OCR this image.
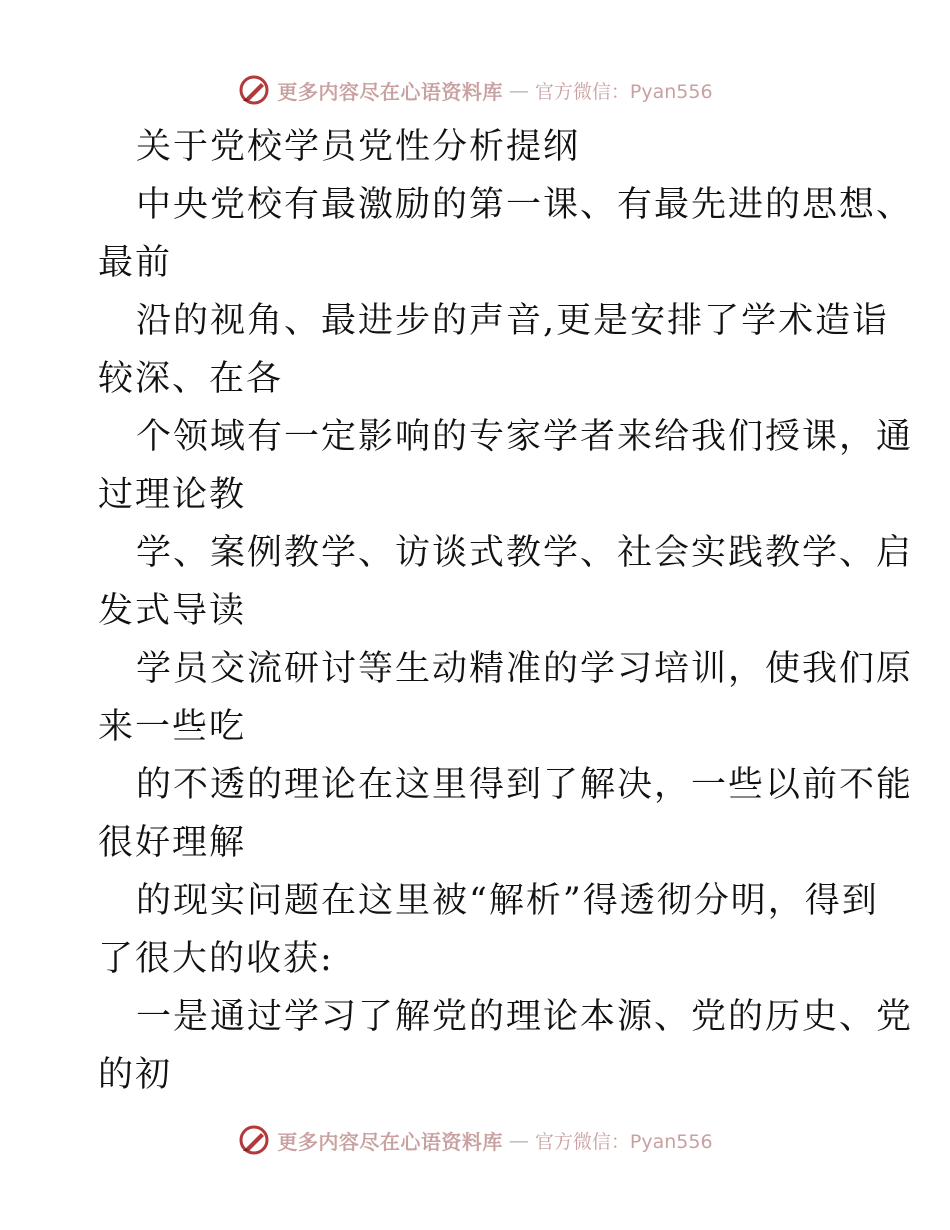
更多内容尽在心语资料库 — 官方微信：Pyan556
关于党校学员党性分析提纲
中央党校有最激励的第一课、有最先进的思想、
最前
沿的视角、最进步的声音,更是安排了学术造诣
较深、在各
个领域有一定影响的专家学者来给我们授课，通
过理论教
学、案例教学、访谈式教学、社会实践教学、启
发式导读
学员交流研讨等生动精准的学习培训，使我们原
来一些吃
的不透的理论在这里得到了解决，一些以前不能
很好理解
的现实问题在这里被“解析”得透彻分明，得到
了很大的收获:
一是通过学习了解党的理论本源、党的历史、党
的初
更多内容尽在心语资料库 — 官方微信：Pyan556
